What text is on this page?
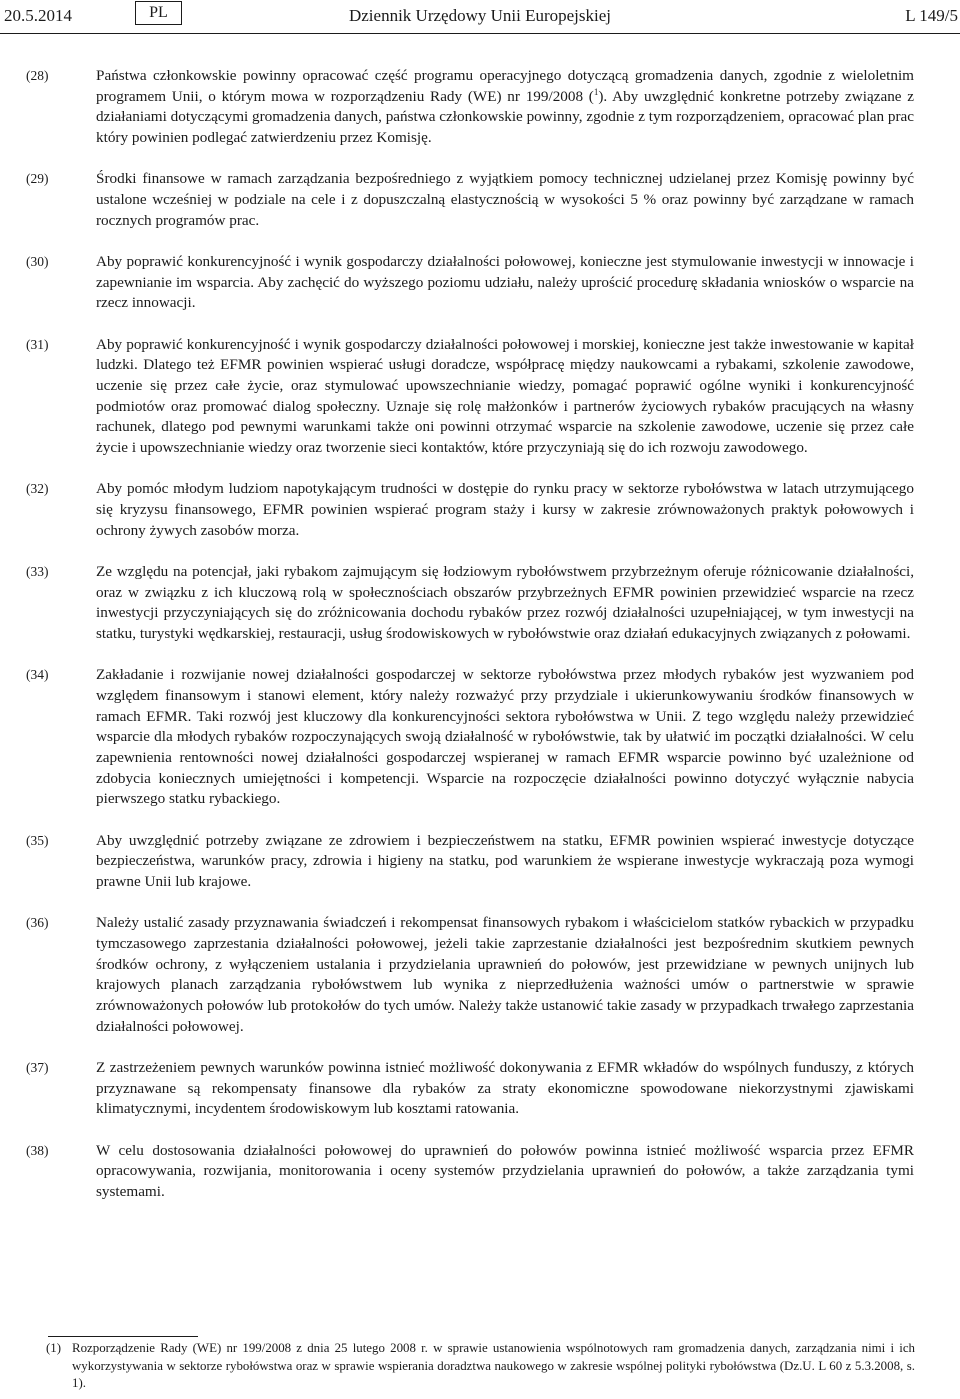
20.5.2014	PL	Dziennik Urzędowy Unii Europejskiej	L 149/5
(28)	Państwa członkowskie powinny opracować część programu operacyjnego dotyczącą gromadzenia danych, zgodnie z wieloletnim programem Unii, o którym mowa w rozporządzeniu Rady (WE) nr 199/2008 ($^1$). Aby uwzględnić konkretne potrzeby związane z działaniami dotyczącymi gromadzenia danych, państwa członkowskie powinny, zgodnie z tym rozporządzeniem, opracować plan prac który powinien podlegać zatwierdzeniu przez Komisję.
(29)	Środki finansowe w ramach zarządzania bezpośredniego z wyjątkiem pomocy technicznej udzielanej przez Komisję powinny być ustalone wcześniej w podziale na cele i z dopuszczalną elastycznością w wysokości 5 % oraz powinny być zarządzane w ramach rocznych programów prac.
(30)	Aby poprawić konkurencyjność i wynik gospodarczy działalności połowowej, konieczne jest stymulowanie inwestycji w innowacje i zapewnianie im wsparcia. Aby zachęcić do wyższego poziomu udziału, należy uprościć procedurę składania wniosków o wsparcie na rzecz innowacji.
(31)	Aby poprawić konkurencyjność i wynik gospodarczy działalności połowowej i morskiej, konieczne jest także inwestowanie w kapitał ludzki. Dlatego też EFMR powinien wspierać usługi doradcze, współpracę między naukowcami a rybakami, szkolenie zawodowe, uczenie się przez całe życie, oraz stymulować upowszechnianie wiedzy, pomagać poprawić ogólne wyniki i konkurencyjność podmiotów oraz promować dialog społeczny. Uznaje się rolę małżonków i partnerów życiowych rybaków pracujących na własny rachunek, dlatego pod pewnymi warunkami także oni powinni otrzymać wsparcie na szkolenie zawodowe, uczenie się przez całe życie i upowszechnianie wiedzy oraz tworzenie sieci kontaktów, które przyczyniają się do ich rozwoju zawodowego.
(32)	Aby pomóc młodym ludziom napotykającym trudności w dostępie do rynku pracy w sektorze rybołówstwa w latach utrzymującego się kryzysu finansowego, EFMR powinien wspierać program staży i kursy w zakresie zrównoważonych praktyk połowowych i ochrony żywych zasobów morza.
(33)	Ze względu na potencjał, jaki rybakom zajmującym się łodziowym rybołówstwem przybrzeżnym oferuje różnicowanie działalności, oraz w związku z ich kluczową rolą w społecznościach obszarów przybrzeżnych EFMR powinien przewidzieć wsparcie na rzecz inwestycji przyczyniających się do zróżnicowania dochodu rybaków przez rozwój działalności uzupełniającej, w tym inwestycji na statku, turystyki wędkarskiej, restauracji, usług środowiskowych w rybołówstwie oraz działań edukacyjnych związanych z połowami.
(34)	Zakładanie i rozwijanie nowej działalności gospodarczej w sektorze rybołówstwa przez młodych rybaków jest wyzwaniem pod względem finansowym i stanowi element, który należy rozważyć przy przydziale i ukierunkowywaniu środków finansowych w ramach EFMR. Taki rozwój jest kluczowy dla konkurencyjności sektora rybołówstwa w Unii. Z tego względu należy przewidzieć wsparcie dla młodych rybaków rozpoczynających swoją działalność w rybołówstwie, tak by ułatwić im początki działalności. W celu zapewnienia rentowności nowej działalności gospodarczej wspieranej w ramach EFMR wsparcie powinno być uzależnione od zdobycia koniecznych umiejętności i kompetencji. Wsparcie na rozpoczęcie działalności powinno dotyczyć wyłącznie nabycia pierwszego statku rybackiego.
(35)	Aby uwzględnić potrzeby związane ze zdrowiem i bezpieczeństwem na statku, EFMR powinien wspierać inwestycje dotyczące bezpieczeństwa, warunków pracy, zdrowia i higieny na statku, pod warunkiem że wspierane inwestycje wykraczają poza wymogi prawne Unii lub krajowe.
(36)	Należy ustalić zasady przyznawania świadczeń i rekompensat finansowych rybakom i właścicielom statków rybackich w przypadku tymczasowego zaprzestania działalności połowowej, jeżeli takie zaprzestanie działalności jest bezpośrednim skutkiem pewnych środków ochrony, z wyłączeniem ustalania i przydzielania uprawnień do połowów, jest przewidziane w pewnych unijnych lub krajowych planach zarządzania rybołówstwem lub wynika z nieprzedłużenia ważności umów o partnerstwie w sprawie zrównoważonych połowów lub protokołów do tych umów. Należy także ustanowić takie zasady w przypadkach trwałego zaprzestania działalności połowowej.
(37)	Z zastrzeżeniem pewnych warunków powinna istnieć możliwość dokonywania z EFMR wkładów do wspólnych funduszy, z których przyznawane są rekompensaty finansowe dla rybaków za straty ekonomiczne spowodowane niekorzystnymi zjawiskami klimatycznymi, incydentem środowiskowym lub kosztami ratowania.
(38)	W celu dostosowania działalności połowowej do uprawnień do połowów powinna istnieć możliwość wsparcia przez EFMR opracowywania, rozwijania, monitorowania i oceny systemów przydzielania uprawnień do połowów, a także zarządzania tymi systemami.
(1) Rozporządzenie Rady (WE) nr 199/2008 z dnia 25 lutego 2008 r. w sprawie ustanowienia wspólnotowych ram gromadzenia danych, zarządzania nimi i ich wykorzystywania w sektorze rybołówstwa oraz w sprawie wspierania doradztwa naukowego w zakresie wspólnej polityki rybołówstwa (Dz.U. L 60 z 5.3.2008, s. 1).
